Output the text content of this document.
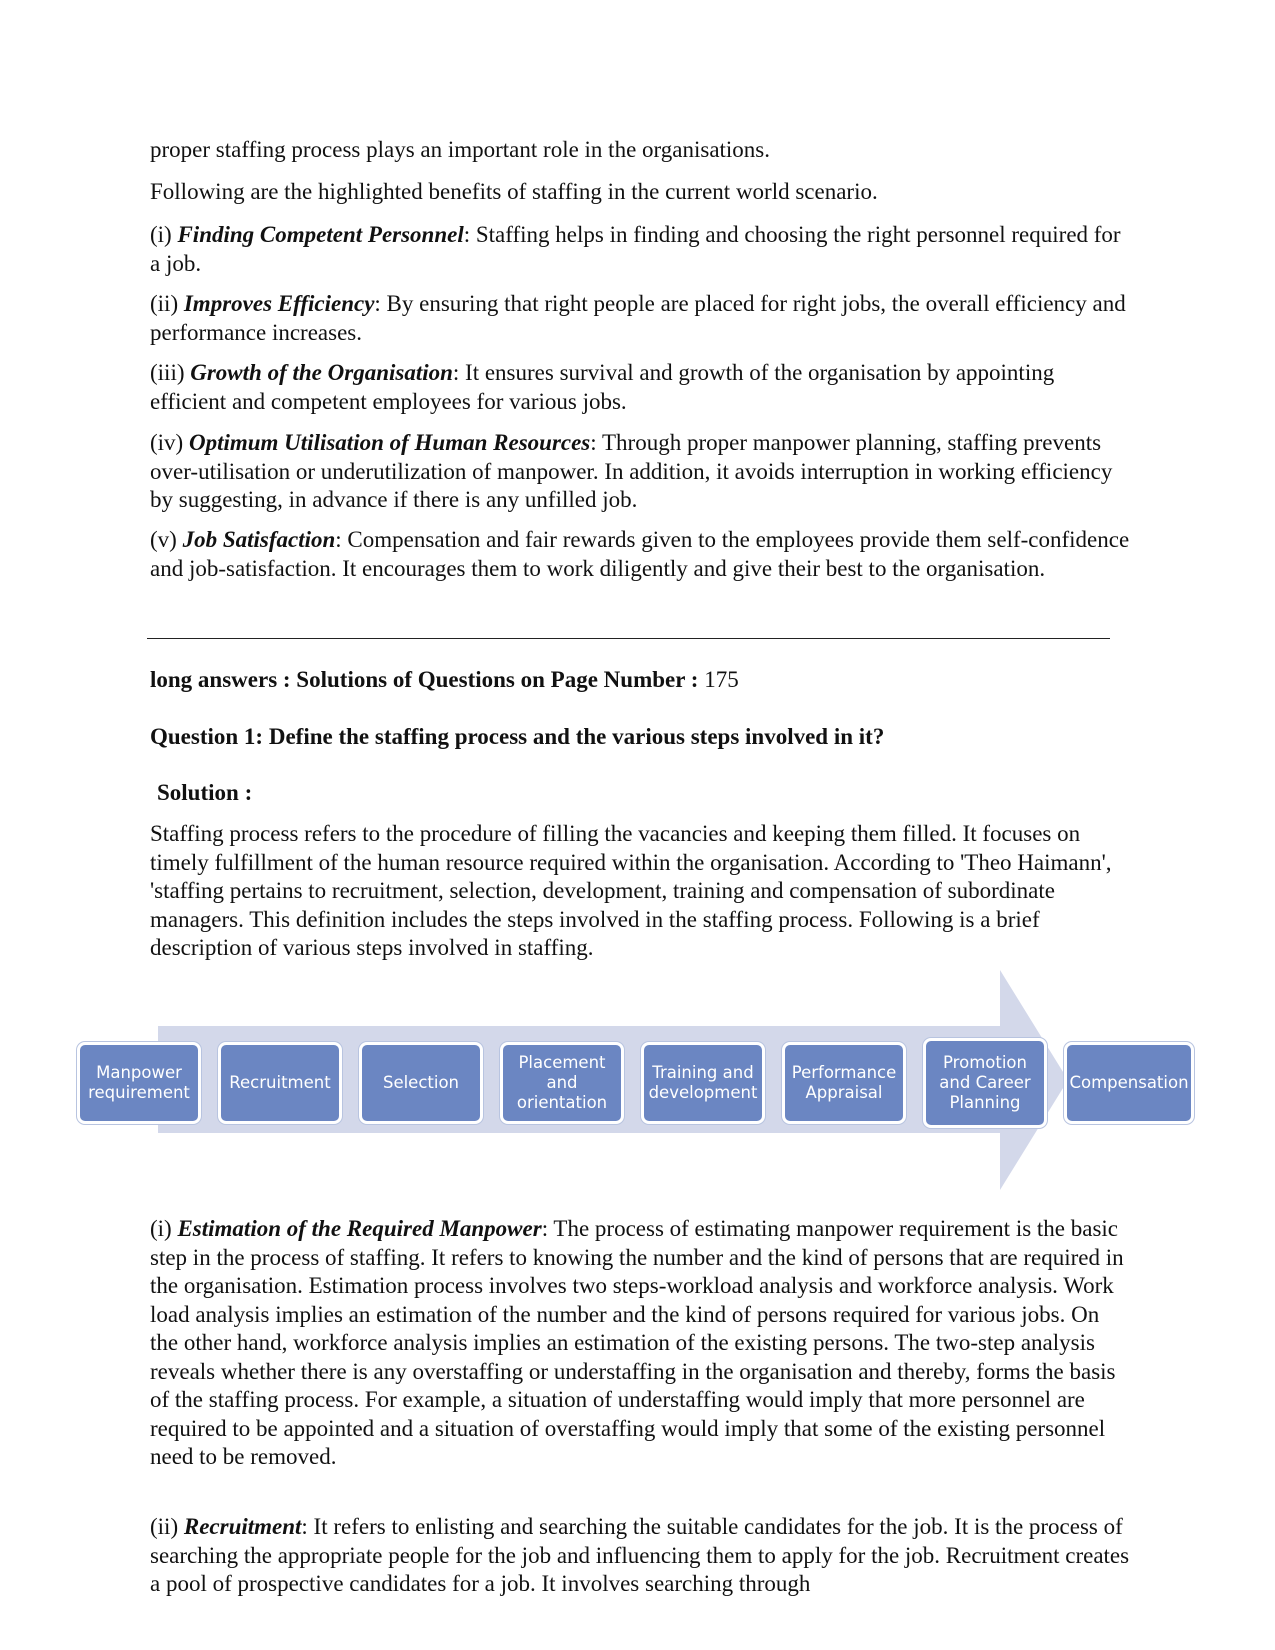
proper staffing process plays an important role in the organisations.

Following are the highlighted benefits of staffing in the current world scenario.

(i) Finding Competent Personnel: Staffing helps in finding and choosing the right personnel required for a job.

(ii) Improves Efficiency: By ensuring that right people are placed for right jobs, the overall efficiency and performance increases.

(iii) Growth of the Organisation: It ensures survival and growth of the organisation by appointing efficient and competent employees for various jobs.

(iv) Optimum Utilisation of Human Resources: Through proper manpower planning, staffing prevents over-utilisation or underutilization of manpower. In addition, it avoids interruption in working efficiency by suggesting, in advance if there is any unfilled job.

(v) Job Satisfaction: Compensation and fair rewards given to the employees provide them self-confidence and job-satisfaction. It encourages them to work diligently and give their best to the organisation.

long answers : Solutions of Questions on Page Number : 175
Question 1: Define the staffing process and the various steps involved in it?
Solution :

Staffing process refers to the procedure of filling the vacancies and keeping them filled. It focuses on timely fulfillment of the human resource required within the organisation. According to 'Theo Haimann', 'staffing pertains to recruitment, selection, development, training and compensation of subordinate managers. This definition includes the steps involved in the staffing process. Following is a brief description of various steps involved in staffing.

Manpower requirement
Recruitment	Selection
Placement and orientation
Training and development
Performance Appraisal
Promotion and Career Planning
Compensation

(i) Estimation of the Required Manpower: The process of estimating manpower requirement is the basic step in the process of staffing. It refers to knowing the number and the kind of persons that are required in the organisation. Estimation process involves two steps-workload analysis and workforce analysis. Work load analysis implies an estimation of the number and the kind of persons required for various jobs. On the other hand, workforce analysis implies an estimation of the existing persons. The two-step analysis reveals whether there is any overstaffing or understaffing in the organisation and thereby, forms the basis of the staffing process. For example, a situation of understaffing would imply that more personnel are required to be appointed and a situation of overstaffing would imply that some of the existing personnel need to be removed.

(ii) Recruitment: It refers to enlisting and searching the suitable candidates for the job. It is the process of searching the appropriate people for the job and influencing them to apply for the job. Recruitment creates a pool of prospective candidates for a job. It involves searching through
